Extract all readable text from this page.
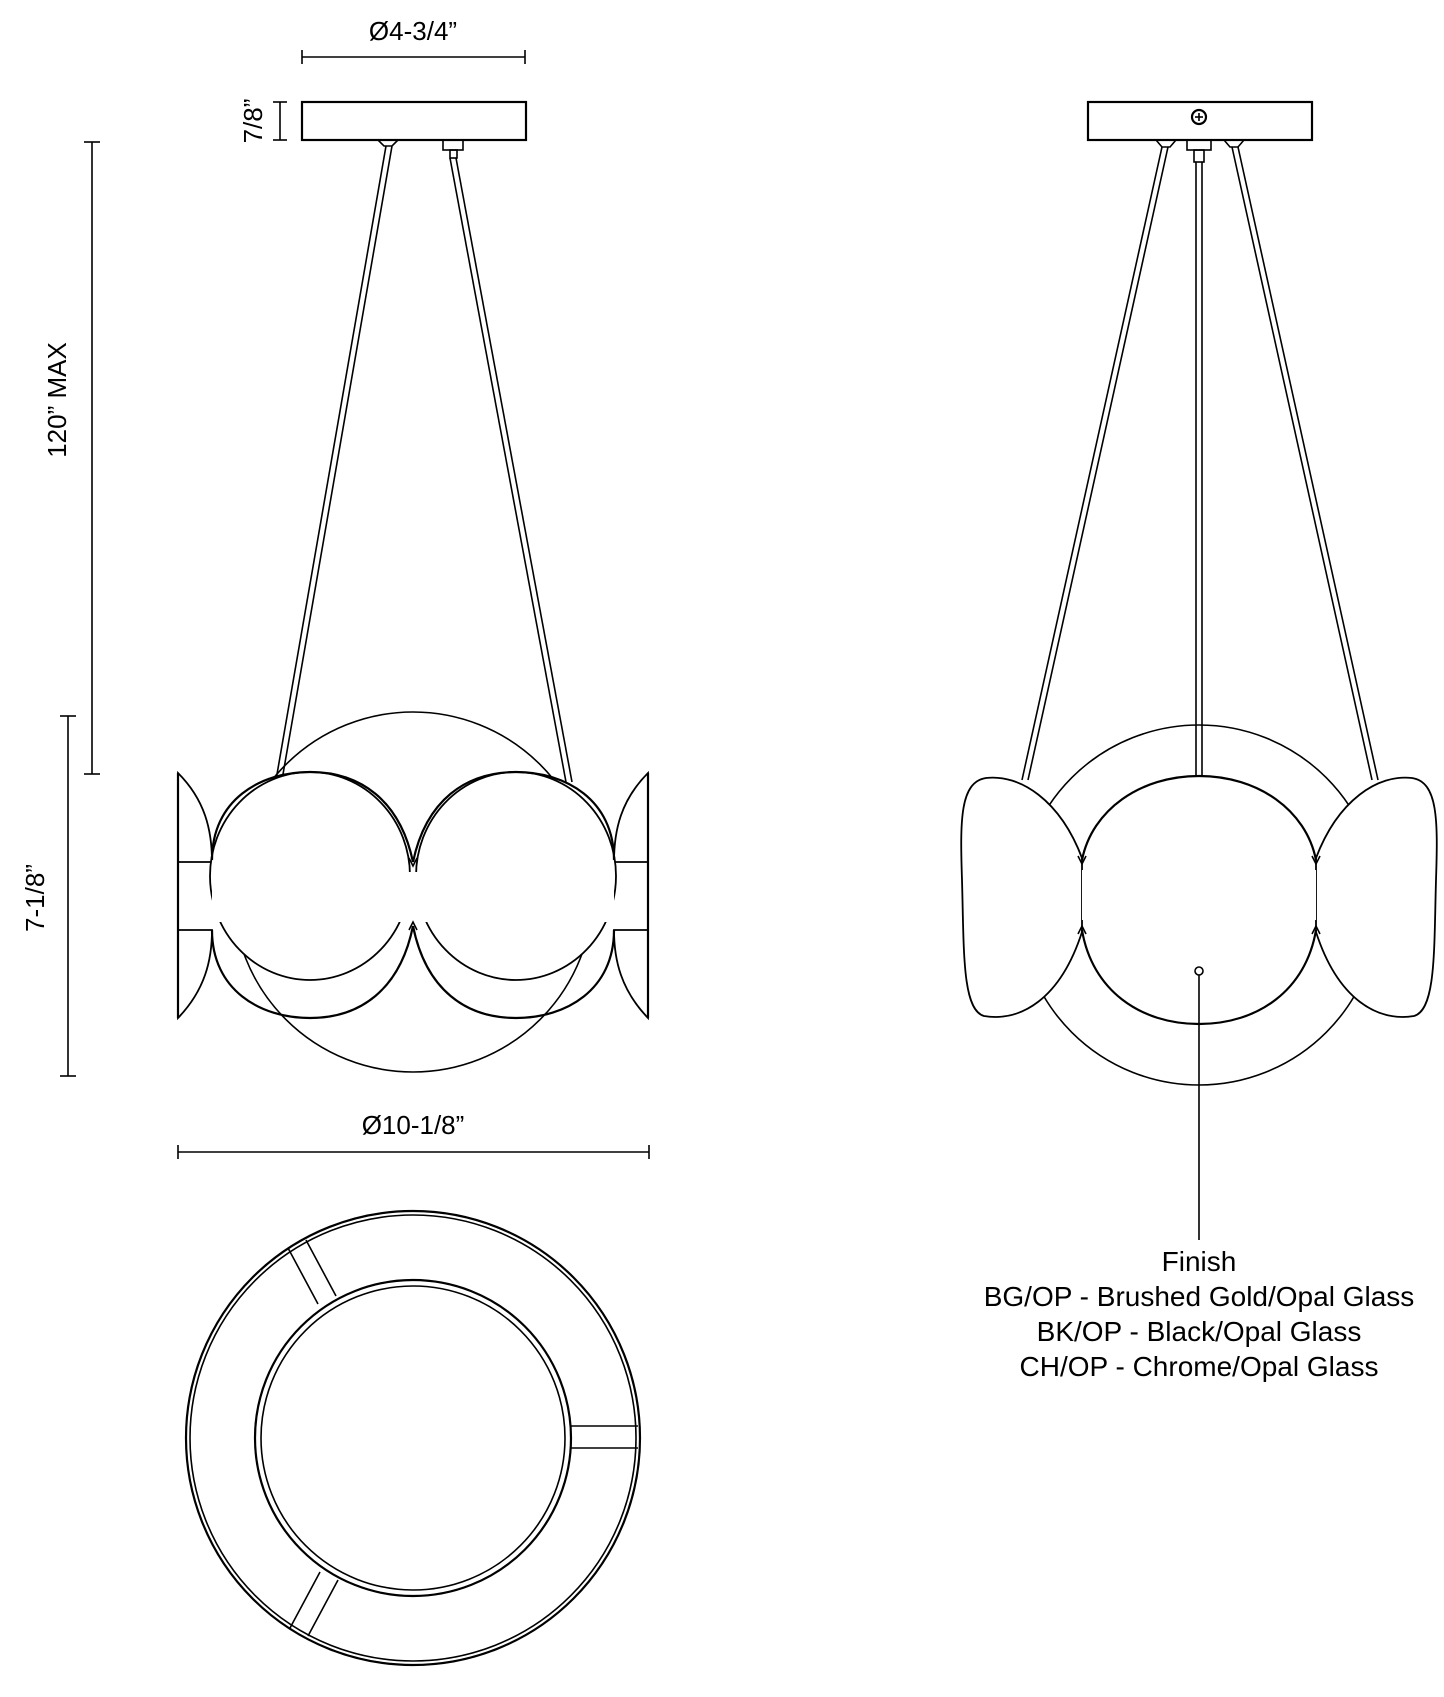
Ø4-3/4”
7/8”
120” MAX
7-1/8”
Ø10-1/8”
Finish
BG/OP - Brushed Gold/Opal Glass
BK/OP - Black/Opal Glass
CH/OP - Chrome/Opal Glass
